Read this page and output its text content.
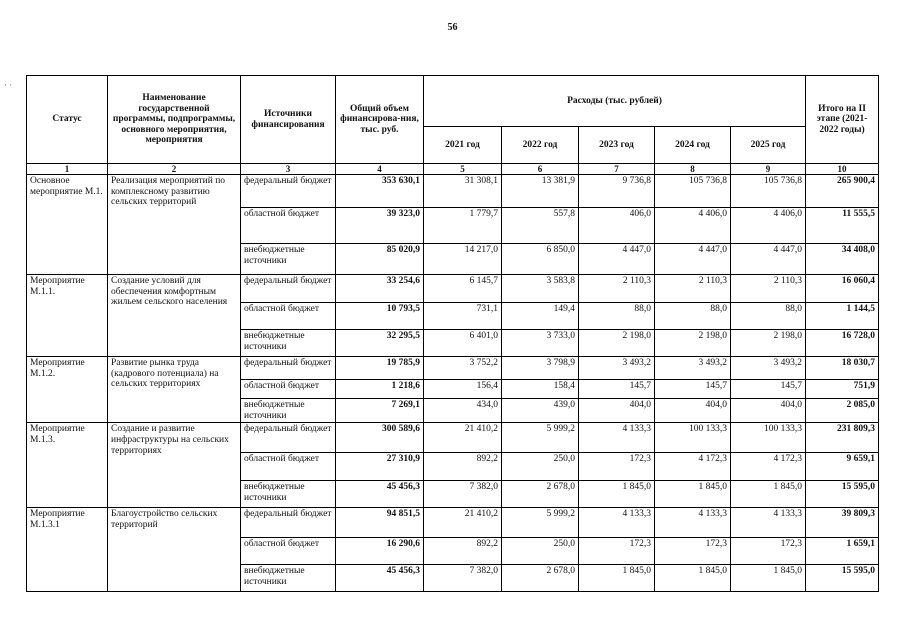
56
· ·
Статус	Наименование государственной программы, подпрограммы, основного мероприятия, мероприятия	Источники финансирования	Общий объем финансирова-ния, тыс. руб.	Расходы (тыс. рублей)					Итого на II этапе (2021-2022 годы)
				2021 год	2022 год	2023 год	2024 год	2025 год	
1	2	3	4	5	6	7	8	9	10
Основное мероприятие М.1.	Реализация мероприятий по комплексному развитию сельских территорий	федеральный бюджет	353 630,1	31 308,1	13 381,9	9 736,8	105 736,8	105 736,8	265 900,4
		областной бюджет	39 323,0	1 779,7	557,8	406,0	4 406,0	4 406,0	11 555,5
		внебюджетные источники	85 020,9	14 217,0	6 850,0	4 447,0	4 447,0	4 447,0	34 408,0
Мероприятие М.1.1.	Создание условий для обеспечения комфортным жильем сельского населения	федеральный бюджет	33 254,6	6 145,7	3 583,8	2 110,3	2 110,3	2 110,3	16 060,4
		областной бюджет	10 793,5	731,1	149,4	88,0	88,0	88,0	1 144,5
		внебюджетные источники	32 295,5	6 401,0	3 733,0	2 198,0	2 198,0	2 198,0	16 728,0
Мероприятие М.1.2.	Развитие рынка труда (кадрового потенциала) на сельских территориях	федеральный бюджет	19 785,9	3 752,2	3 798,9	3 493,2	3 493,2	3 493,2	18 030,7
		областной бюджет	1 218,6	156,4	158,4	145,7	145,7	145,7	751,9
		внебюджетные источники	7 269,1	434,0	439,0	404,0	404,0	404,0	2 085,0
Мероприятие М.1.3.	Создание и развитие инфраструктуры на сельских территориях	федеральный бюджет	300 589,6	21 410,2	5 999,2	4 133,3	100 133,3	100 133,3	231 809,3
		областной бюджет	27 310,9	892,2	250,0	172,3	4 172,3	4 172,3	9 659,1
		внебюджетные источники	45 456,3	7 382,0	2 678,0	1 845,0	1 845,0	1 845,0	15 595,0
Мероприятие М.1.3.1	Благоустройство сельских территорий	федеральный бюджет	94 851,5	21 410,2	5 999,2	4 133,3	4 133,3	4 133,3	39 809,3
		областной бюджет	16 290,6	892,2	250,0	172,3	172,3	172,3	1 659,1
		внебюджетные источники	45 456,3	7 382,0	2 678,0	1 845,0	1 845,0	1 845,0	15 595,0
